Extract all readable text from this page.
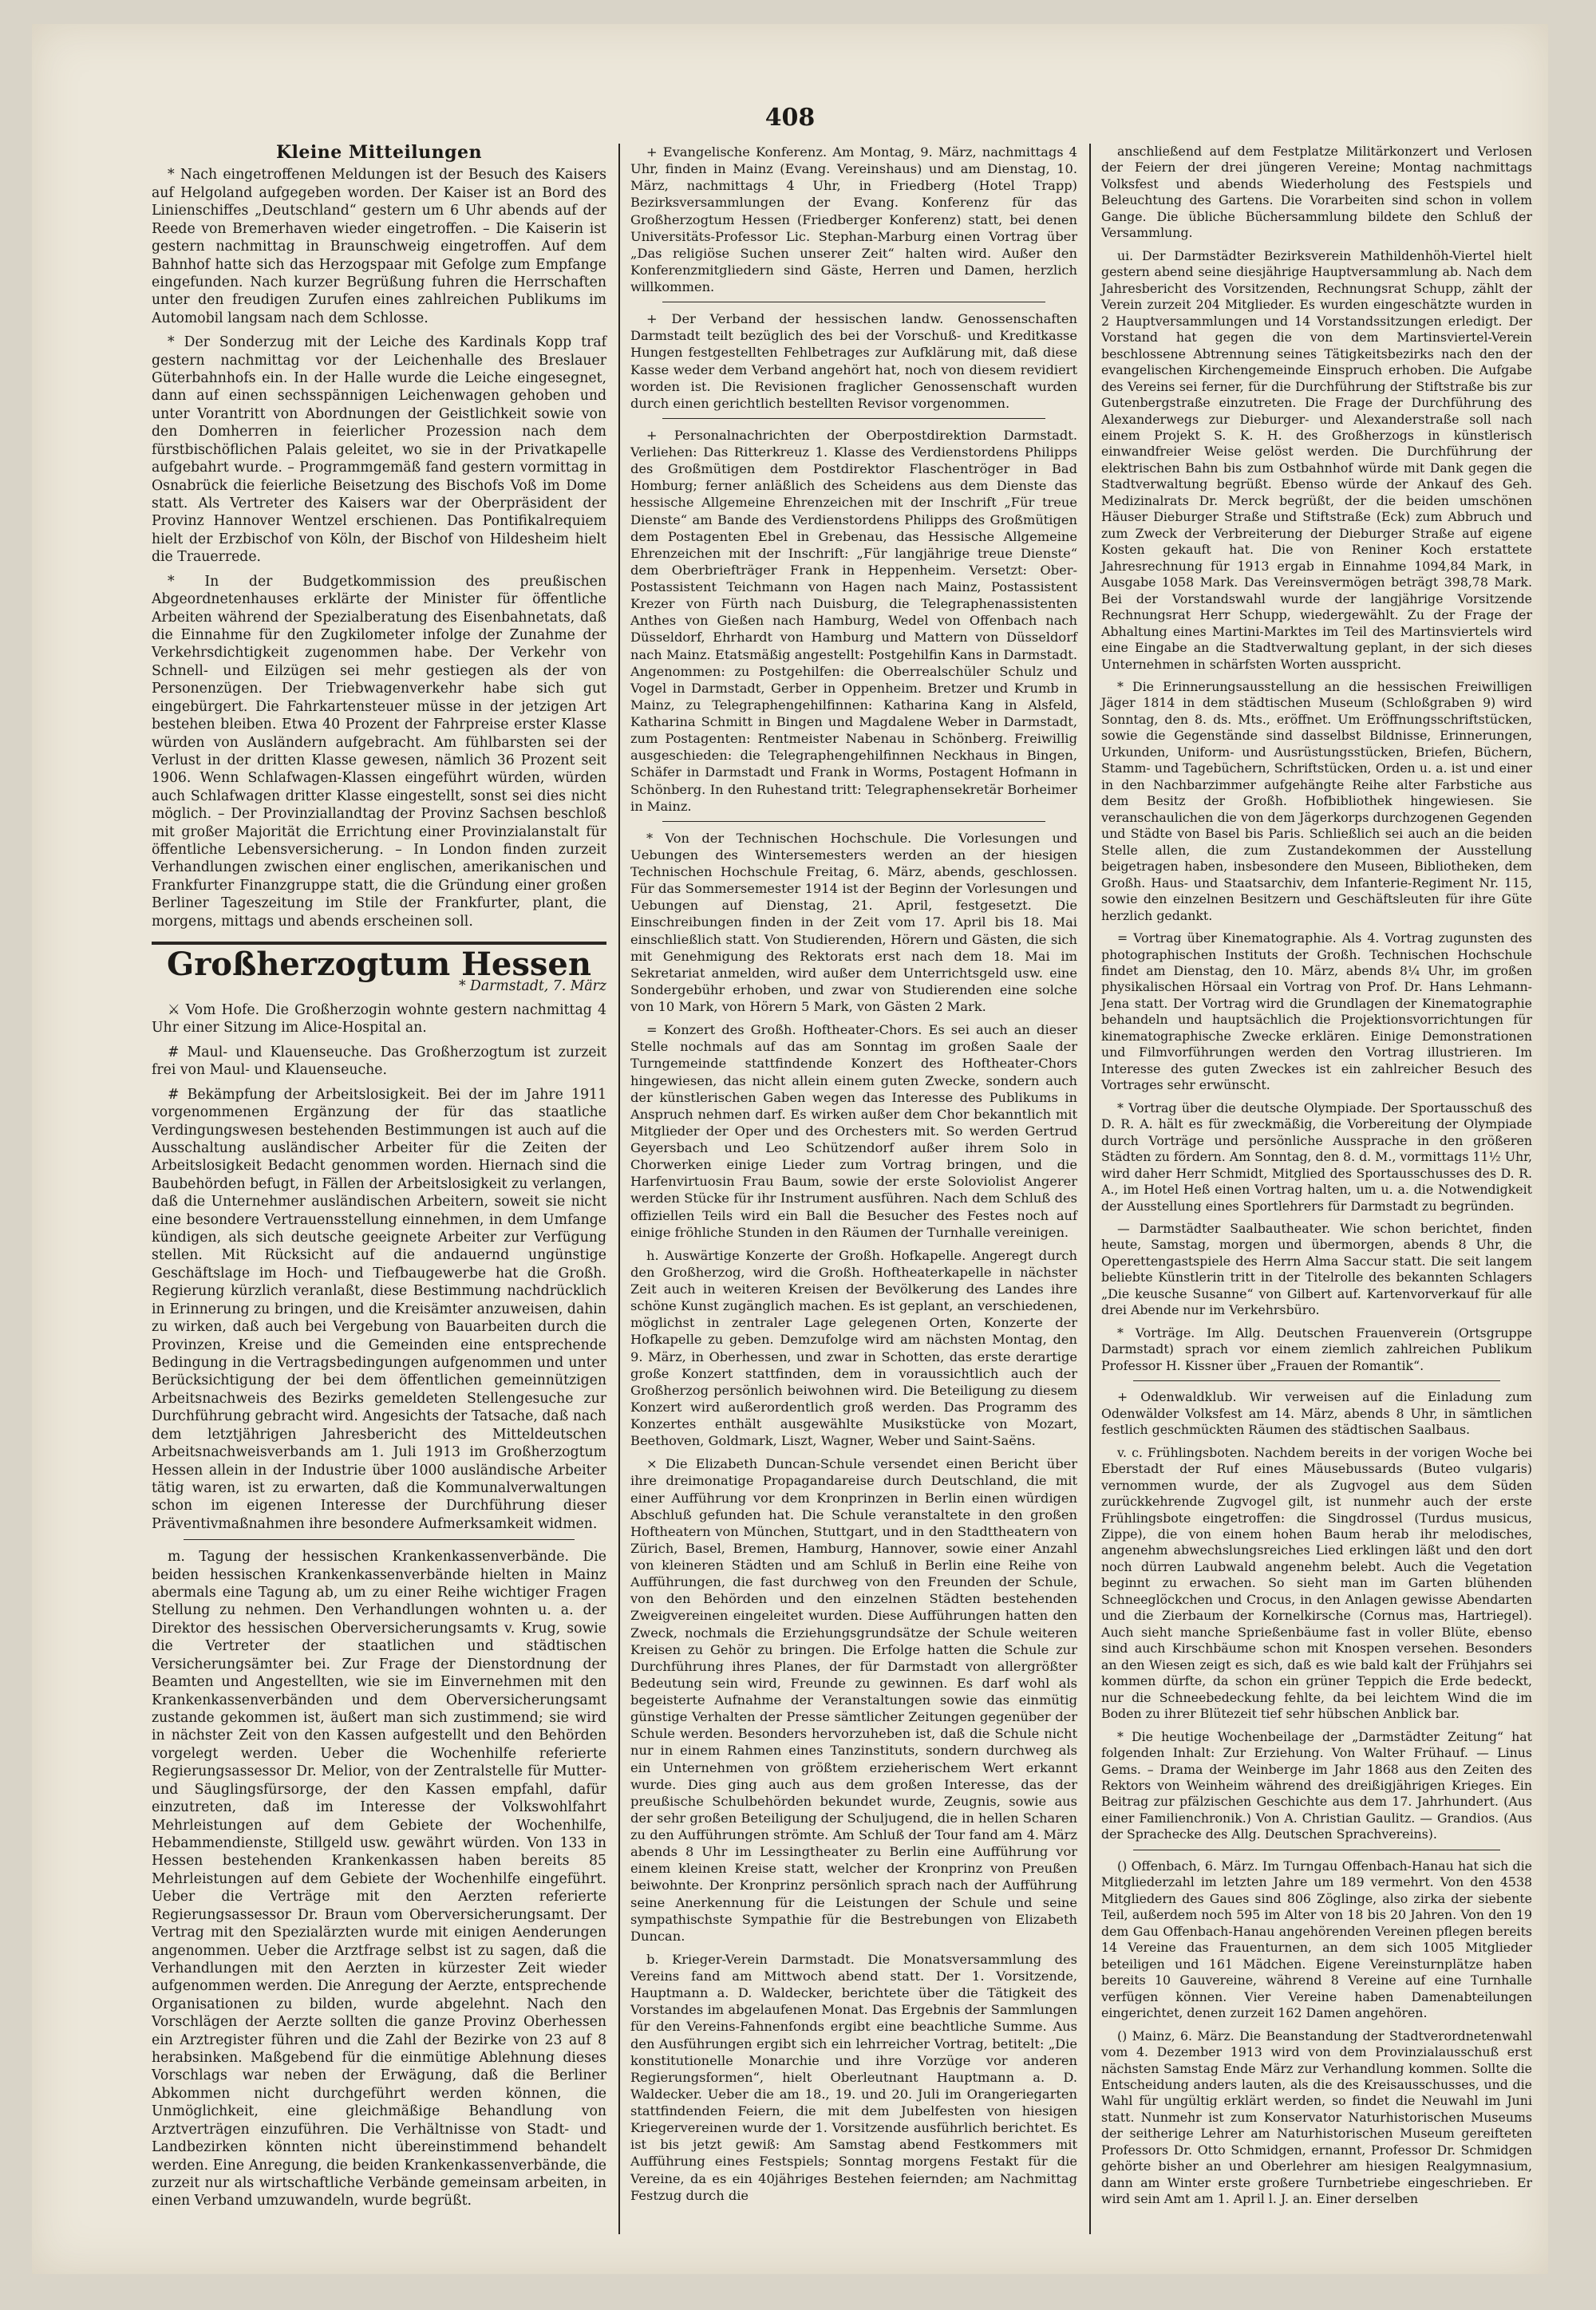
408
Kleine Mitteilungen

* Nach eingetroffenen Meldungen ist der Besuch des Kaisers auf Helgoland aufgegeben worden. Der Kaiser ist an Bord des Linienschiffes „Deutschland“ gestern um 6 Uhr abends auf der Reede von Bremerhaven wieder eingetroffen. – Die Kaiserin ist gestern nachmittag in Braunschweig eingetroffen. Auf dem Bahnhof hatte sich das Herzogspaar mit Gefolge zum Empfange eingefunden. Nach kurzer Begrüßung fuhren die Herrschaften unter den freudigen Zurufen eines zahlreichen Publikums im Automobil langsam nach dem Schlosse.

* Der Sonderzug mit der Leiche des Kardinals Kopp traf gestern nachmittag vor der Leichenhalle des Breslauer Güterbahnhofs ein. In der Halle wurde die Leiche eingesegnet, dann auf einen sechsspännigen Leichenwagen gehoben und unter Vorantritt von Abordnungen der Geistlichkeit sowie von den Domherren in feierlicher Prozession nach dem fürstbischöflichen Palais geleitet, wo sie in der Privatkapelle aufgebahrt wurde. – Programmgemäß fand gestern vormittag in Osnabrück die feierliche Beisetzung des Bischofs Voß im Dome statt. Als Vertreter des Kaisers war der Oberpräsident der Provinz Hannover Wentzel erschienen. Das Pontifikalrequiem hielt der Erzbischof von Köln, der Bischof von Hildesheim hielt die Trauerrede.

* In der Budgetkommission des preußischen Abgeordnetenhauses erklärte der Minister für öffentliche Arbeiten während der Spezialberatung des Eisenbahnetats, daß die Einnahme für den Zugkilometer infolge der Zunahme der Verkehrsdichtigkeit zugenommen habe. Der Verkehr von Schnell- und Eilzügen sei mehr gestiegen als der von Personenzügen. Der Triebwagenverkehr habe sich gut eingebürgert. Die Fahrkartensteuer müsse in der jetzigen Art bestehen bleiben. Etwa 40 Prozent der Fahrpreise erster Klasse würden von Ausländern aufgebracht. Am fühlbarsten sei der Verlust in der dritten Klasse gewesen, nämlich 36 Prozent seit 1906. Wenn Schlafwagen-Klassen eingeführt würden, würden auch Schlafwagen dritter Klasse eingestellt, sonst sei dies nicht möglich. – Der Provinziallandtag der Provinz Sachsen beschloß mit großer Majorität die Errichtung einer Provinzialanstalt für öffentliche Lebensversicherung. – In London finden zurzeit Verhandlungen zwischen einer englischen, amerikanischen und Frankfurter Finanzgruppe statt, die die Gründung einer großen Berliner Tageszeitung im Stile der Frankfurter, plant, die morgens, mittags und abends erscheinen soll.

Großherzogtum Hessen
* Darmstadt, 7. März

⚔ Vom Hofe. Die Großherzogin wohnte gestern nachmittag 4 Uhr einer Sitzung im Alice-Hospital an.

# Maul- und Klauenseuche. Das Großherzogtum ist zurzeit frei von Maul- und Klauenseuche.

# Bekämpfung der Arbeitslosigkeit. Bei der im Jahre 1911 vorgenommenen Ergänzung der für das staatliche Verdingungswesen bestehenden Bestimmungen ist auch auf die Ausschaltung ausländischer Arbeiter für die Zeiten der Arbeitslosigkeit Bedacht genommen worden. Hiernach sind die Baubehörden befugt, in Fällen der Arbeitslosigkeit zu verlangen, daß die Unternehmer ausländischen Arbeitern, soweit sie nicht eine besondere Vertrauensstellung einnehmen, in dem Umfange kündigen, als sich deutsche geeignete Arbeiter zur Verfügung stellen. Mit Rücksicht auf die andauernd ungünstige Geschäftslage im Hoch- und Tiefbaugewerbe hat die Großh. Regierung kürzlich veranlaßt, diese Bestimmung nachdrücklich in Erinnerung zu bringen, und die Kreisämter anzuweisen, dahin zu wirken, daß auch bei Vergebung von Bauarbeiten durch die Provinzen, Kreise und die Gemeinden eine entsprechende Bedingung in die Vertragsbedingungen aufgenommen und unter Berücksichtigung der bei dem öffentlichen gemeinnützigen Arbeitsnachweis des Bezirks gemeldeten Stellengesuche zur Durchführung gebracht wird. Angesichts der Tatsache, daß nach dem letztjährigen Jahresbericht des Mitteldeutschen Arbeitsnachweisverbands am 1. Juli 1913 im Großherzogtum Hessen allein in der Industrie über 1000 ausländische Arbeiter tätig waren, ist zu erwarten, daß die Kommunalverwaltungen schon im eigenen Interesse der Durchführung dieser Präventivmaßnahmen ihre besondere Aufmerksamkeit widmen.

m. Tagung der hessischen Krankenkassenverbände. Die beiden hessischen Krankenkassenverbände hielten in Mainz abermals eine Tagung ab, um zu einer Reihe wichtiger Fragen Stellung zu nehmen. Den Verhandlungen wohnten u. a. der Direktor des hessischen Oberversicherungsamts v. Krug, sowie die Vertreter der staatlichen und städtischen Versicherungsämter bei. Zur Frage der Dienstordnung der Beamten und Angestellten, wie sie im Einvernehmen mit den Krankenkassenverbänden und dem Oberversicherungsamt zustande gekommen ist, äußert man sich zustimmend; sie wird in nächster Zeit von den Kassen aufgestellt und den Behörden vorgelegt werden. Ueber die Wochenhilfe referierte Regierungsassessor Dr. Melior, von der Zentralstelle für Mutter- und Säuglingsfürsorge, der den Kassen empfahl, dafür einzutreten, daß im Interesse der Volkswohlfahrt Mehrleistungen auf dem Gebiete der Wochenhilfe, Hebammendienste, Stillgeld usw. gewährt würden. Von 133 in Hessen bestehenden Krankenkassen haben bereits 85 Mehrleistungen auf dem Gebiete der Wochenhilfe eingeführt. Ueber die Verträge mit den Aerzten referierte Regierungsassessor Dr. Braun vom Oberversicherungsamt. Der Vertrag mit den Spezialärzten wurde mit einigen Aenderungen angenommen. Ueber die Arztfrage selbst ist zu sagen, daß die Verhandlungen mit den Aerzten in kürzester Zeit wieder aufgenommen werden. Die Anregung der Aerzte, entsprechende Organisationen zu bilden, wurde abgelehnt. Nach den Vorschlägen der Aerzte sollten die ganze Provinz Oberhessen ein Arztregister führen und die Zahl der Bezirke von 23 auf 8 herabsinken. Maßgebend für die einmütige Ablehnung dieses Vorschlags war neben der Erwägung, daß die Berliner Abkommen nicht durchgeführt werden können, die Unmöglichkeit, eine gleichmäßige Behandlung von Arztverträgen einzuführen. Die Verhältnisse von Stadt- und Landbezirken könnten nicht übereinstimmend behandelt werden. Eine Anregung, die beiden Krankenkassenverbände, die zurzeit nur als wirtschaftliche Verbände gemeinsam arbeiten, in einen Verband umzuwandeln, wurde begrüßt.

+ Evangelische Konferenz. Am Montag, 9. März, nachmittags 4 Uhr, finden in Mainz (Evang. Vereinshaus) und am Dienstag, 10. März, nachmittags 4 Uhr, in Friedberg (Hotel Trapp) Bezirksversammlungen der Evang. Konferenz für das Großherzogtum Hessen (Friedberger Konferenz) statt, bei denen Universitäts-Professor Lic. Stephan-Marburg einen Vortrag über „Das religiöse Suchen unserer Zeit“ halten wird. Außer den Konferenzmitgliedern sind Gäste, Herren und Damen, herzlich willkommen.

+ Der Verband der hessischen landw. Genossenschaften Darmstadt teilt bezüglich des bei der Vorschuß- und Kreditkasse Hungen festgestellten Fehlbetrages zur Aufklärung mit, daß diese Kasse weder dem Verband angehört hat, noch von diesem revidiert worden ist. Die Revisionen fraglicher Genossenschaft wurden durch einen gerichtlich bestellten Revisor vorgenommen.

+ Personalnachrichten der Oberpostdirektion Darmstadt. Verliehen: Das Ritterkreuz 1. Klasse des Verdienstordens Philipps des Großmütigen dem Postdirektor Flaschentröger in Bad Homburg; ferner anläßlich des Scheidens aus dem Dienste das hessische Allgemeine Ehrenzeichen mit der Inschrift „Für treue Dienste“ am Bande des Verdienstordens Philipps des Großmütigen dem Postagenten Ebel in Grebenau, das Hessische Allgemeine Ehrenzeichen mit der Inschrift: „Für langjährige treue Dienste“ dem Oberbriefträger Frank in Heppenheim. Versetzt: Ober-Postassistent Teichmann von Hagen nach Mainz, Postassistent Krezer von Fürth nach Duisburg, die Telegraphenassistenten Anthes von Gießen nach Hamburg, Wedel von Offenbach nach Düsseldorf, Ehrhardt von Hamburg und Mattern von Düsseldorf nach Mainz. Etatsmäßig angestellt: Postgehilfin Kans in Darmstadt. Angenommen: zu Postgehilfen: die Oberrealschüler Schulz und Vogel in Darmstadt, Gerber in Oppenheim. Bretzer und Krumb in Mainz, zu Telegraphengehilfinnen: Katharina Kang in Alsfeld, Katharina Schmitt in Bingen und Magdalene Weber in Darmstadt, zum Postagenten: Rentmeister Nabenau in Schönberg. Freiwillig ausgeschieden: die Telegraphengehilfinnen Neckhaus in Bingen, Schäfer in Darmstadt und Frank in Worms, Postagent Hofmann in Schönberg. In den Ruhestand tritt: Telegraphensekretär Borheimer in Mainz.

* Von der Technischen Hochschule. Die Vorlesungen und Uebungen des Wintersemesters werden an der hiesigen Technischen Hochschule Freitag, 6. März, abends, geschlossen. Für das Sommersemester 1914 ist der Beginn der Vorlesungen und Uebungen auf Dienstag, 21. April, festgesetzt. Die Einschreibungen finden in der Zeit vom 17. April bis 18. Mai einschließlich statt. Von Studierenden, Hörern und Gästen, die sich mit Genehmigung des Rektorats erst nach dem 18. Mai im Sekretariat anmelden, wird außer dem Unterrichtsgeld usw. eine Sondergebühr erhoben, und zwar von Studierenden eine solche von 10 Mark, von Hörern 5 Mark, von Gästen 2 Mark.

= Konzert des Großh. Hoftheater-Chors. Es sei auch an dieser Stelle nochmals auf das am Sonntag im großen Saale der Turngemeinde stattfindende Konzert des Hoftheater-Chors hingewiesen, das nicht allein einem guten Zwecke, sondern auch der künstlerischen Gaben wegen das Interesse des Publikums in Anspruch nehmen darf. Es wirken außer dem Chor bekanntlich mit Mitglieder der Oper und des Orchesters mit. So werden Gertrud Geyersbach und Leo Schützendorf außer ihrem Solo in Chorwerken einige Lieder zum Vortrag bringen, und die Harfenvirtuosin Frau Baum, sowie der erste Soloviolist Angerer werden Stücke für ihr Instrument ausführen. Nach dem Schluß des offiziellen Teils wird ein Ball die Besucher des Festes noch auf einige fröhliche Stunden in den Räumen der Turnhalle vereinigen.

h. Auswärtige Konzerte der Großh. Hofkapelle. Angeregt durch den Großherzog, wird die Großh. Hoftheaterkapelle in nächster Zeit auch in weiteren Kreisen der Bevölkerung des Landes ihre schöne Kunst zugänglich machen. Es ist geplant, an verschiedenen, möglichst in zentraler Lage gelegenen Orten, Konzerte der Hofkapelle zu geben. Demzufolge wird am nächsten Montag, den 9. März, in Oberhessen, und zwar in Schotten, das erste derartige große Konzert stattfinden, dem in voraussichtlich auch der Großherzog persönlich beiwohnen wird. Die Beteiligung zu diesem Konzert wird außerordentlich groß werden. Das Programm des Konzertes enthält ausgewählte Musikstücke von Mozart, Beethoven, Goldmark, Liszt, Wagner, Weber und Saint-Saëns.

× Die Elizabeth Duncan-Schule versendet einen Bericht über ihre dreimonatige Propagandareise durch Deutschland, die mit einer Aufführung vor dem Kronprinzen in Berlin einen würdigen Abschluß gefunden hat. Die Schule veranstaltete in den großen Hoftheatern von München, Stuttgart, und in den Stadttheatern von Zürich, Basel, Bremen, Hamburg, Hannover, sowie einer Anzahl von kleineren Städten und am Schluß in Berlin eine Reihe von Aufführungen, die fast durchweg von den Freunden der Schule, von den Behörden und den einzelnen Städten bestehenden Zweigvereinen eingeleitet wurden. Diese Aufführungen hatten den Zweck, nochmals die Erziehungsgrundsätze der Schule weiteren Kreisen zu Gehör zu bringen. Die Erfolge hatten die Schule zur Durchführung ihres Planes, der für Darmstadt von allergrößter Bedeutung sein wird, Freunde zu gewinnen. Es darf wohl als begeisterte Aufnahme der Veranstaltungen sowie das einmütig günstige Verhalten der Presse sämtlicher Zeitungen gegenüber der Schule werden. Besonders hervorzuheben ist, daß die Schule nicht nur in einem Rahmen eines Tanzinstituts, sondern durchweg als ein Unternehmen von größtem erzieherischem Wert erkannt wurde. Dies ging auch aus dem großen Interesse, das der preußische Schulbehörden bekundet wurde, Zeugnis, sowie aus der sehr großen Beteiligung der Schuljugend, die in hellen Scharen zu den Aufführungen strömte. Am Schluß der Tour fand am 4. März abends 8 Uhr im Lessingtheater zu Berlin eine Aufführung vor einem kleinen Kreise statt, welcher der Kronprinz von Preußen beiwohnte. Der Kronprinz persönlich sprach nach der Aufführung seine Anerkennung für die Leistungen der Schule und seine sympathischste Sympathie für die Bestrebungen von Elizabeth Duncan.

b. Krieger-Verein Darmstadt. Die Monatsversammlung des Vereins fand am Mittwoch abend statt. Der 1. Vorsitzende, Hauptmann a. D. Waldecker, berichtete über die Tätigkeit des Vorstandes im abgelaufenen Monat. Das Ergebnis der Sammlungen für den Vereins-Fahnenfonds ergibt eine beachtliche Summe. Aus den Ausführungen ergibt sich ein lehrreicher Vortrag, betitelt: „Die konstitutionelle Monarchie und ihre Vorzüge vor anderen Regierungsformen“, hielt Oberleutnant Hauptmann a. D. Waldecker. Ueber die am 18., 19. und 20. Juli im Orangeriegarten stattfindenden Feiern, die mit dem Jubelfesten von hiesigen Kriegervereinen wurde der 1. Vorsitzende ausführlich berichtet. Es ist bis jetzt gewiß: Am Samstag abend Festkommers mit Aufführung eines Festspiels; Sonntag morgens Festakt für die Vereine, da es ein 40jähriges Bestehen feiernden; am Nachmittag Festzug durch die

anschließend auf dem Festplatze Militärkonzert und Verlosen der Feiern der drei jüngeren Vereine; Montag nachmittags Volksfest und abends Wiederholung des Festspiels und Beleuchtung des Gartens. Die Vorarbeiten sind schon in vollem Gange. Die übliche Büchersammlung bildete den Schluß der Versammlung.

ui. Der Darmstädter Bezirksverein Mathildenhöh-Viertel hielt gestern abend seine diesjährige Hauptversammlung ab. Nach dem Jahresbericht des Vorsitzenden, Rechnungsrat Schupp, zählt der Verein zurzeit 204 Mitglieder. Es wurden eingeschätzte wurden in 2 Hauptversammlungen und 14 Vorstandssitzungen erledigt. Der Vorstand hat gegen die von dem Martinsviertel-Verein beschlossene Abtrennung seines Tätigkeitsbezirks nach den der evangelischen Kirchengemeinde Einspruch erhoben. Die Aufgabe des Vereins sei ferner, für die Durchführung der Stiftstraße bis zur Gutenbergstraße einzutreten. Die Frage der Durchführung des Alexanderwegs zur Dieburger- und Alexanderstraße soll nach einem Projekt S. K. H. des Großherzogs in künstlerisch einwandfreier Weise gelöst werden. Die Durchführung der elektrischen Bahn bis zum Ostbahnhof würde mit Dank gegen die Stadtverwaltung begrüßt. Ebenso würde der Ankauf des Geh. Medizinalrats Dr. Merck begrüßt, der die beiden umschönen Häuser Dieburger Straße und Stiftstraße (Eck) zum Abbruch und zum Zweck der Verbreiterung der Dieburger Straße auf eigene Kosten gekauft hat. Die von Reniner Koch erstattete Jahresrechnung für 1913 ergab in Einnahme 1094,84 Mark, in Ausgabe 1058 Mark. Das Vereinsvermögen beträgt 398,78 Mark. Bei der Vorstandswahl wurde der langjährige Vorsitzende Rechnungsrat Herr Schupp, wiedergewählt. Zu der Frage der Abhaltung eines Martini-Marktes im Teil des Martinsviertels wird eine Eingabe an die Stadtverwaltung geplant, in der sich dieses Unternehmen in schärfsten Worten ausspricht.

* Die Erinnerungsausstellung an die hessischen Freiwilligen Jäger 1814 in dem städtischen Museum (Schloßgraben 9) wird Sonntag, den 8. ds. Mts., eröffnet. Um Eröffnungsschriftstücken, sowie die Gegenstände sind dasselbst Bildnisse, Erinnerungen, Urkunden, Uniform- und Ausrüstungsstücken, Briefen, Büchern, Stamm- und Tagebüchern, Schriftstücken, Orden u. a. ist und einer in den Nachbarzimmer aufgehängte Reihe alter Farbstiche aus dem Besitz der Großh. Hofbibliothek hingewiesen. Sie veranschaulichen die von dem Jägerkorps durchzogenen Gegenden und Städte von Basel bis Paris. Schließlich sei auch an die beiden Stelle allen, die zum Zustandekommen der Ausstellung beigetragen haben, insbesondere den Museen, Bibliotheken, dem Großh. Haus- und Staatsarchiv, dem Infanterie-Regiment Nr. 115, sowie den einzelnen Besitzern und Geschäftsleuten für ihre Güte herzlich gedankt.

= Vortrag über Kinematographie. Als 4. Vortrag zugunsten des photographischen Instituts der Großh. Technischen Hochschule findet am Dienstag, den 10. März, abends 8¼ Uhr, im großen physikalischen Hörsaal ein Vortrag von Prof. Dr. Hans Lehmann-Jena statt. Der Vortrag wird die Grundlagen der Kinematographie behandeln und hauptsächlich die Projektionsvorrichtungen für kinematographische Zwecke erklären. Einige Demonstrationen und Filmvorführungen werden den Vortrag illustrieren. Im Interesse des guten Zweckes ist ein zahlreicher Besuch des Vortrages sehr erwünscht.

* Vortrag über die deutsche Olympiade. Der Sportausschuß des D. R. A. hält es für zweckmäßig, die Vorbereitung der Olympiade durch Vorträge und persönliche Aussprache in den größeren Städten zu fördern. Am Sonntag, den 8. d. M., vormittags 11½ Uhr, wird daher Herr Schmidt, Mitglied des Sportausschusses des D. R. A., im Hotel Heß einen Vortrag halten, um u. a. die Notwendigkeit der Ausstellung eines Sportlehrers für Darmstadt zu begründen.

— Darmstädter Saalbautheater. Wie schon berichtet, finden heute, Samstag, morgen und übermorgen, abends 8 Uhr, die Operettengastspiele des Herrn Alma Saccur statt. Die seit langem beliebte Künstlerin tritt in der Titelrolle des bekannten Schlagers „Die keusche Susanne“ von Gilbert auf. Kartenvorverkauf für alle drei Abende nur im Verkehrsbüro.

* Vorträge. Im Allg. Deutschen Frauenverein (Ortsgruppe Darmstadt) sprach vor einem ziemlich zahlreichen Publikum Professor H. Kissner über „Frauen der Romantik“.

+ Odenwaldklub. Wir verweisen auf die Einladung zum Odenwälder Volksfest am 14. März, abends 8 Uhr, in sämtlichen festlich geschmückten Räumen des städtischen Saalbaus.

v. c. Frühlingsboten. Nachdem bereits in der vorigen Woche bei Eberstadt der Ruf eines Mäusebussards (Buteo vulgaris) vernommen wurde, der als Zugvogel aus dem Süden zurückkehrende Zugvogel gilt, ist nunmehr auch der erste Frühlingsbote eingetroffen: die Singdrossel (Turdus musicus, Zippe), die von einem hohen Baum herab ihr melodisches, angenehm abwechslungsreiches Lied erklingen läßt und den dort noch dürren Laubwald angenehm belebt. Auch die Vegetation beginnt zu erwachen. So sieht man im Garten blühenden Schneeglöckchen und Crocus, in den Anlagen gewisse Abendarten und die Zierbaum der Kornelkirsche (Cornus mas, Hartriegel). Auch sieht manche Sprießenbäume fast in voller Blüte, ebenso sind auch Kirschbäume schon mit Knospen versehen. Besonders an den Wiesen zeigt es sich, daß es wie bald kalt der Frühjahrs sei kommen dürfte, da schon ein grüner Teppich die Erde bedeckt, nur die Schneebedeckung fehlte, da bei leichtem Wind die im Boden zu ihrer Blütezeit tief sehr hübschen Anblick bar.

* Die heutige Wochenbeilage der „Darmstädter Zeitung“ hat folgenden Inhalt: Zur Erziehung. Von Walter Frühauf. — Linus Gems. – Drama der Weinberge im Jahr 1868 aus den Zeiten des Rektors von Weinheim während des dreißigjährigen Krieges. Ein Beitrag zur pfälzischen Geschichte aus dem 17. Jahrhundert. (Aus einer Familienchronik.) Von A. Christian Gaulitz. — Grandios. (Aus der Sprachecke des Allg. Deutschen Sprachvereins).

() Offenbach, 6. März. Im Turngau Offenbach-Hanau hat sich die Mitgliederzahl im letzten Jahre um 189 vermehrt. Von den 4538 Mitgliedern des Gaues sind 806 Zöglinge, also zirka der siebente Teil, außerdem noch 595 im Alter von 18 bis 20 Jahren. Von den 19 dem Gau Offenbach-Hanau angehörenden Vereinen pflegen bereits 14 Vereine das Frauenturnen, an dem sich 1005 Mitglieder beteiligen und 161 Mädchen. Eigene Vereinsturnplätze haben bereits 10 Gauvereine, während 8 Vereine auf eine Turnhalle verfügen können. Vier Vereine haben Damenabteilungen eingerichtet, denen zurzeit 162 Damen angehören.

() Mainz, 6. März. Die Beanstandung der Stadtverordnetenwahl vom 4. Dezember 1913 wird von dem Provinzialausschuß erst nächsten Samstag Ende März zur Verhandlung kommen. Sollte die Entscheidung anders lauten, als die des Kreisausschusses, und die Wahl für ungültig erklärt werden, so findet die Neuwahl im Juni statt. Nunmehr ist zum Konservator Naturhistorischen Museums der seitherige Lehrer am Naturhistorischen Museum gereifteten Professors Dr. Otto Schmidgen, ernannt, Professor Dr. Schmidgen gehörte bisher an und Oberlehrer am hiesigen Realgymnasium, dann am Winter erste großere Turnbetriebe eingeschrieben. Er wird sein Amt am 1. April l. J. an. Einer derselben
